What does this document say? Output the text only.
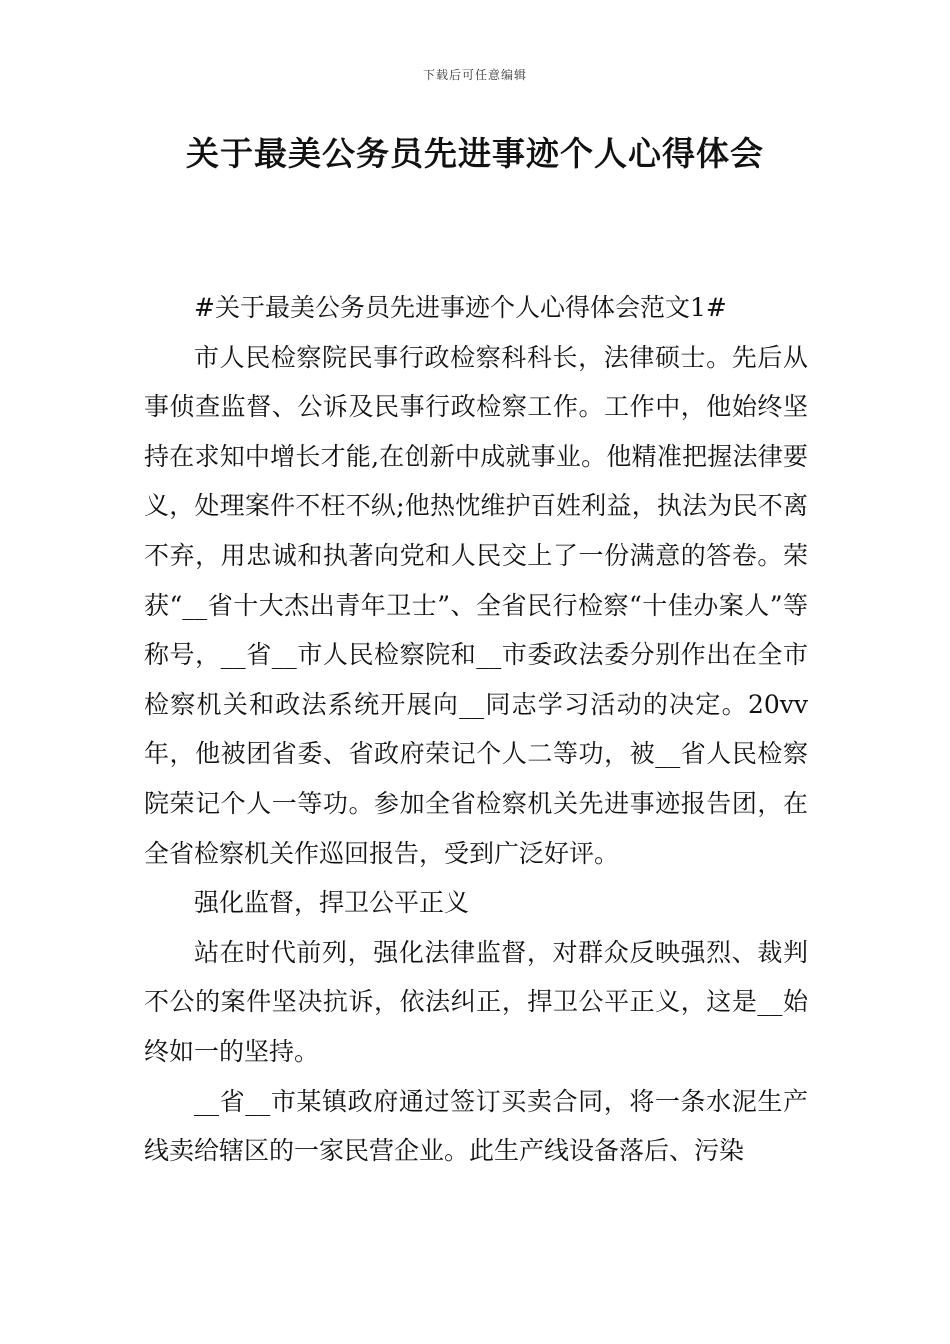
下载后可任意编辑
关于最美公务员先进事迹个人心得体会

#关于最美公务员先进事迹个人心得体会范文1#

市人民检察院民事行政检察科科长，法律硕士。先后从事侦查监督、公诉及民事行政检察工作。工作中，他始终坚持在求知中增长才能,在创新中成就事业。他精准把握法律要义，处理案件不枉不纵;他热忱维护百姓利益，执法为民不离不弃，用忠诚和执著向党和人民交上了一份满意的答卷。荣获“__省十大杰出青年卫士”、全省民行检察“十佳办案人”等称号，__省__市人民检察院和__市委政法委分别作出在全市检察机关和政法系统开展向__同志学习活动的决定。20vv年，他被团省委、省政府荣记个人二等功，被__省人民检察院荣记个人一等功。参加全省检察机关先进事迹报告团，在全省检察机关作巡回报告，受到广泛好评。

强化监督，捍卫公平正义

站在时代前列，强化法律监督，对群众反映强烈、裁判不公的案件坚决抗诉，依法纠正，捍卫公平正义，这是__始终如一的坚持。

__省__市某镇政府通过签订买卖合同，将一条水泥生产线卖给辖区的一家民营企业。此生产线设备落后、污染
